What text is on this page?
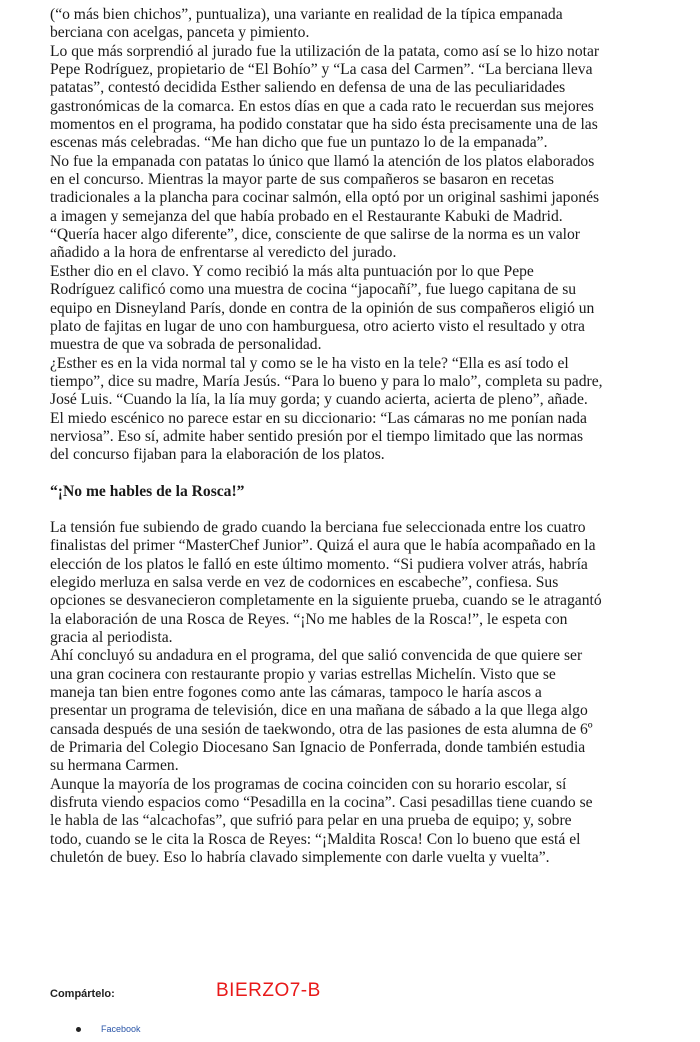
(“o más bien chichos”, puntualiza), una variante en realidad de la típica empanada

berciana con acelgas, panceta y pimiento.

Lo que más sorprendió al jurado fue la utilización de la patata, como así se lo hizo notar

Pepe Rodríguez, propietario de “El Bohío” y “La casa del Carmen”. “La berciana lleva

patatas”, contestó decidida Esther saliendo en defensa de una de las peculiaridades

gastronómicas de la comarca. En estos días en que a cada rato le recuerdan sus mejores

momentos en el programa, ha podido constatar que ha sido ésta precisamente una de las

escenas más celebradas. “Me han dicho que fue un puntazo lo de la empanada”.

No fue la empanada con patatas lo único que llamó la atención de los platos elaborados

en el concurso. Mientras la mayor parte de sus compañeros se basaron en recetas

tradicionales a la plancha para cocinar salmón, ella optó por un original sashimi japonés

a imagen y semejanza del que había probado en el Restaurante Kabuki de Madrid.

“Quería hacer algo diferente”, dice, consciente de que salirse de la norma es un valor

añadido a la hora de enfrentarse al veredicto del jurado.

Esther dio en el clavo. Y como recibió la más alta puntuación por lo que Pepe

Rodríguez calificó como una muestra de cocina “japocañí”, fue luego capitana de su

equipo en Disneyland París, donde en contra de la opinión de sus compañeros eligió un

plato de fajitas en lugar de uno con hamburguesa, otro acierto visto el resultado y otra

muestra de que va sobrada de personalidad.

¿Esther es en la vida normal tal y como se le ha visto en la tele? “Ella es así todo el

tiempo”, dice su madre, María Jesús. “Para lo bueno y para lo malo”, completa su padre,

José Luis. “Cuando la lía, la lía muy gorda; y cuando acierta, acierta de pleno”, añade.

El miedo escénico no parece estar en su diccionario: “Las cámaras no me ponían nada

nerviosa”. Eso sí, admite haber sentido presión por el tiempo limitado que las normas

del concurso fijaban para la elaboración de los platos.

“¡No me hables de la Rosca!”

La tensión fue subiendo de grado cuando la berciana fue seleccionada entre los cuatro

finalistas del primer “MasterChef Junior”. Quizá el aura que le había acompañado en la

elección de los platos le falló en este último momento. “Si pudiera volver atrás, habría

elegido merluza en salsa verde en vez de codornices en escabeche”, confiesa. Sus

opciones se desvanecieron completamente en la siguiente prueba, cuando se le atragantó

la elaboración de una Rosca de Reyes. “¡No me hables de la Rosca!”, le espeta con

gracia al periodista.

Ahí concluyó su andadura en el programa, del que salió convencida de que quiere ser

una gran cocinera con restaurante propio y varias estrellas Michelín. Visto que se

maneja tan bien entre fogones como ante las cámaras, tampoco le haría ascos a

presentar un programa de televisión, dice en una mañana de sábado a la que llega algo

cansada después de una sesión de taekwondo, otra de las pasiones de esta alumna de 6º

de Primaria del Colegio Diocesano San Ignacio de Ponferrada, donde también estudia

su hermana Carmen.

Aunque la mayoría de los programas de cocina coinciden con su horario escolar, sí

disfruta viendo espacios como “Pesadilla en la cocina”. Casi pesadillas tiene cuando se

le habla de las “alcachofas”, que sufrió para pelar en una prueba de equipo; y, sobre

todo, cuando se le cita la Rosca de Reyes: “¡Maldita Rosca! Con lo bueno que está el

chuletón de buey. Eso lo habría clavado simplemente con darle vuelta y vuelta”.

Compártelo:	BIERZO7-B
Facebook
